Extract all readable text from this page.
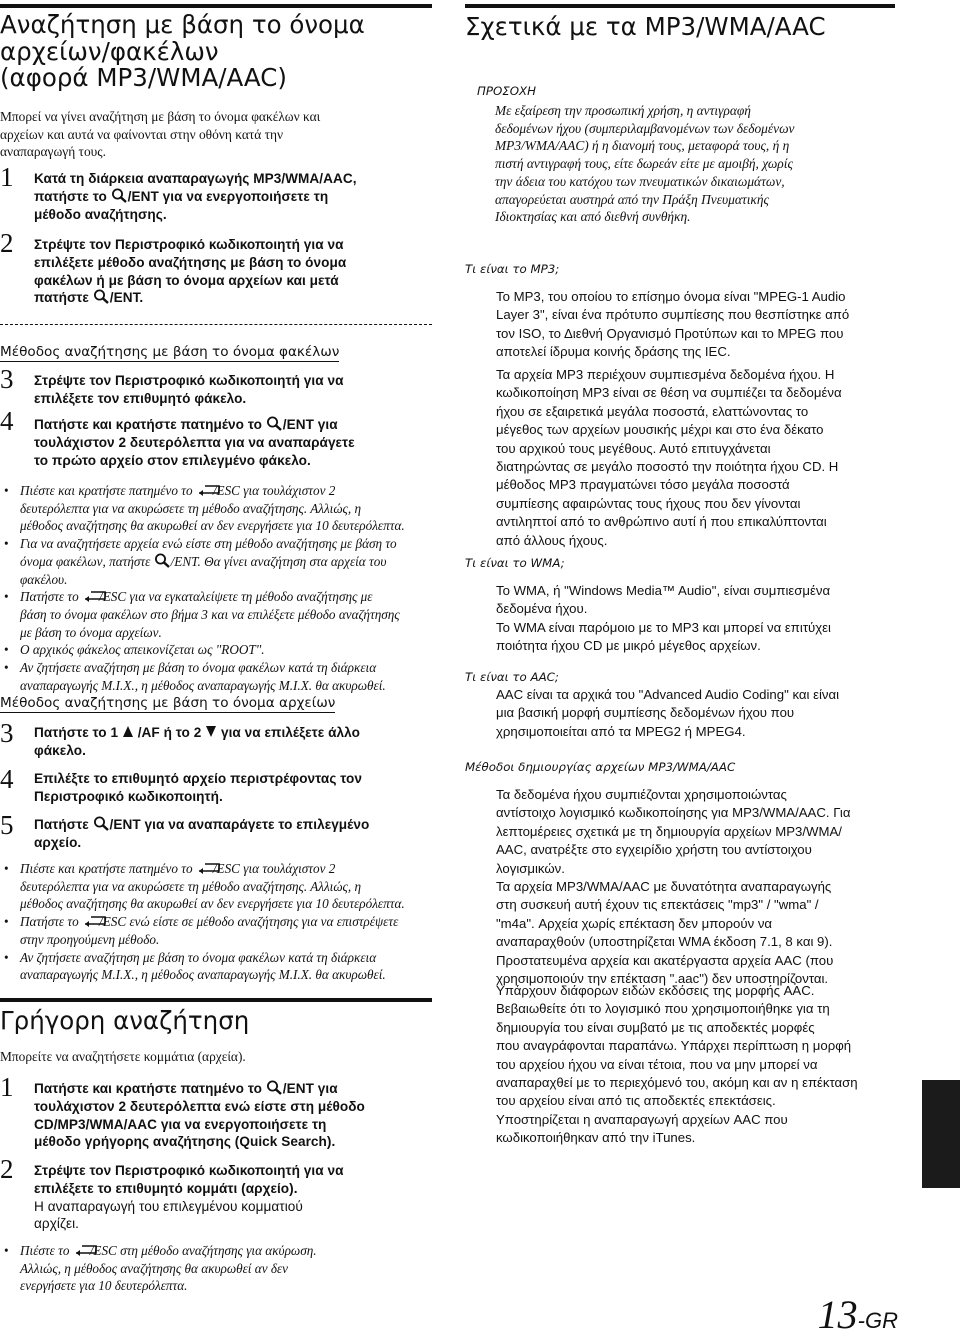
Αναζήτηση με βάση το όνομα
αρχείων/φακέλων
(αφορά MP3/WMA/AAC)
Μπορεί να γίνει αναζήτηση με βάση το όνομα φακέλων και
αρχείων και αυτά να φαίνονται στην οθόνη κατά την
αναπαραγωγή τους.
1 Κατά τη διάρκεια αναπαραγωγής MP3/WMA/AAC,
πατήστε το /ENT για να ενεργοποιήσετε τη
μέθοδο αναζήτησης.
2 Στρέψτε τον Περιστροφικό κωδικοποιητή για να
επιλέξετε μέθοδο αναζήτησης με βάση το όνομα
φακέλων ή με βάση το όνομα αρχείων και μετά
πατήστε /ENT.
Μέθοδος αναζήτησης με βάση το όνομα φακέλων
3 Στρέψτε τον Περιστροφικό κωδικοποιητή για να
επιλέξετε τον επιθυμητό φάκελο.
4 Πατήστε και κρατήστε πατημένο το /ENT για
τουλάχιστον 2 δευτερόλεπτα για να αναπαράγετε
το πρώτο αρχείο στον επιλεγμένο φάκελο.
• Πιέστε και κρατήστε πατημένο το /ESC για τουλάχιστον 2
δευτερόλεπτα για να ακυρώσετε τη μέθοδο αναζήτησης. Αλλιώς, η
μέθοδος αναζήτησης θα ακυρωθεί αν δεν ενεργήσετε για 10 δευτερόλεπτα.
• Για να αναζητήσετε αρχεία ενώ είστε στη μέθοδο αναζήτησης με βάση το
όνομα φακέλων, πατήστε /ENT. Θα γίνει αναζήτηση στα αρχεία του
φακέλου.
• Πατήστε το /ESC για να εγκαταλείψετε τη μέθοδο αναζήτησης με
βάση το όνομα φακέλων στο βήμα 3 και να επιλέξετε μέθοδο αναζήτησης
με βάση το όνομα αρχείων.
• Ο αρχικός φάκελος απεικονίζεται ως "ROOT".
• Αν ζητήσετε αναζήτηση με βάση το όνομα φακέλων κατά τη διάρκεια
αναπαραγωγής Μ.Ι.Χ., η μέθοδος αναπαραγωγής Μ.Ι.Χ. θα ακυρωθεί.
Μέθοδος αναζήτησης με βάση το όνομα αρχείων
3 Πατήστε το 1 /AF ή το 2 για να επιλέξετε άλλο
φάκελο.
4 Επιλέξτε το επιθυμητό αρχείο περιστρέφοντας τον
Περιστροφικό κωδικοποιητή.
5 Πατήστε /ENT για να αναπαράγετε το επιλεγμένο
αρχείο.
• Πιέστε και κρατήστε πατημένο το /ESC για τουλάχιστον 2
δευτερόλεπτα για να ακυρώσετε τη μέθοδο αναζήτησης. Αλλιώς, η
μέθοδος αναζήτησης θα ακυρωθεί αν δεν ενεργήσετε για 10 δευτερόλεπτα.
• Πατήστε το /ESC ενώ είστε σε μέθοδο αναζήτησης για να επιστρέψετε
στην προηγούμενη μέθοδο.
• Αν ζητήσετε αναζήτηση με βάση το όνομα φακέλων κατά τη διάρκεια
αναπαραγωγής Μ.Ι.Χ., η μέθοδος αναπαραγωγής Μ.Ι.Χ. θα ακυρωθεί.
Γρήγορη αναζήτηση
Μπορείτε να αναζητήσετε κομμάτια (αρχεία).
1 Πατήστε και κρατήστε πατημένο το /ENT για
τουλάχιστον 2 δευτερόλεπτα ενώ είστε στη μέθοδο
CD/MP3/WMA/AAC για να ενεργοποιήσετε τη
μέθοδο γρήγορης αναζήτησης (Quick Search).
2 Στρέψτε τον Περιστροφικό κωδικοποιητή για να
επιλέξετε το επιθυμητό κομμάτι (αρχείο).
Η αναπαραγωγή του επιλεγμένου κομματιού
αρχίζει.
• Πιέστε το /ESC στη μέθοδο αναζήτησης για ακύρωση.
Αλλιώς, η μέθοδος αναζήτησης θα ακυρωθεί αν δεν
ενεργήσετε για 10 δευτερόλεπτα.
Σχετικά με τα MP3/WMA/AAC
ΠΡΟΣΟΧΗ
Με εξαίρεση την προσωπική χρήση, η αντιγραφή
δεδομένων ήχου (συμπεριλαμβανομένων των δεδομένων
MP3/WMA/AAC) ή η διανομή τους, μεταφορά τους, ή η
πιστή αντιγραφή τους, είτε δωρεάν είτε με αμοιβή, χωρίς
την άδεια του κατόχου των πνευματικών δικαιωμάτων,
απαγορεύεται αυστηρά από την Πράξη Πνευματικής
Ιδιοκτησίας και από διεθνή συνθήκη.
Τι είναι το MP3;
Το MP3, του οποίου το επίσημο όνομα είναι "MPEG-1 Audio
Layer 3", είναι ένα πρότυπο συμπίεσης που θεσπίστηκε από
τον ISO, το Διεθνή Οργανισμό Προτύπων και το MPEG που
αποτελεί ίδρυμα κοινής δράσης της IEC.
Τα αρχεία MP3 περιέχουν συμπιεσμένα δεδομένα ήχου. Η
κωδικοποίηση MP3 είναι σε θέση να συμπιέζει τα δεδομένα
ήχου σε εξαιρετικά μεγάλα ποσοστά, ελαττώνοντας το
μέγεθος των αρχείων μουσικής μέχρι και στο ένα δέκατο
του αρχικού τους μεγέθους. Αυτό επιτυγχάνεται
διατηρώντας σε μεγάλο ποσοστό την ποιότητα ήχου CD. Η
μέθοδος MP3 πραγματώνει τόσο μεγάλα ποσοστά
συμπίεσης αφαιρώντας τους ήχους που δεν γίνονται
αντιληπτοί από το ανθρώπινο αυτί ή που επικαλύπτονται
από άλλους ήχους.
Τι είναι το WMA;
Το WMA, ή "Windows Media™ Audio", είναι συμπιεσμένα
δεδομένα ήχου.
Το WMA είναι παρόμοιο με το MP3 και μπορεί να επιτύχει
ποιότητα ήχου CD με μικρό μέγεθος αρχείων.
Τι είναι το AAC;
AAC είναι τα αρχικά του "Advanced Audio Coding" και είναι
μια βασική μορφή συμπίεσης δεδομένων ήχου που
χρησιμοποιείται από τα MPEG2 ή MPEG4.
Μέθοδοι δημιουργίας αρχείων MP3/WMA/AAC
Τα δεδομένα ήχου συμπιέζονται χρησιμοποιώντας
αντίστοιχο λογισμικό κωδικοποίησης για MP3/WMA/AAC. Για
λεπτομέρειες σχετικά με τη δημιουργία αρχείων MP3/WMA/
AAC, ανατρέξτε στο εγχειρίδιο χρήστη του αντίστοιχου
λογισμικών.
Τα αρχεία MP3/WMA/AAC με δυνατότητα αναπαραγωγής
στη συσκευή αυτή έχουν τις επεκτάσεις "mp3" / "wma" /
"m4a". Αρχεία χωρίς επέκταση δεν μπορούν να
αναπαραχθούν (υποστηρίζεται WMA έκδοση 7.1, 8 και 9).
Προστατευμένα αρχεία και ακατέργαστα αρχεία AAC (που
χρησιμοποιούν την επέκταση ".aac") δεν υποστηρίζονται.
Υπάρχουν διάφορων ειδών εκδόσεις της μορφής AAC.
Βεβαιωθείτε ότι το λογισμικό που χρησιμοποιήθηκε για τη
δημιουργία του είναι συμβατό με τις αποδεκτές μορφές
που αναγράφονται παραπάνω. Υπάρχει περίπτωση η μορφή
του αρχείου ήχου να είναι τέτοια, που να μην μπορεί να
αναπαραχθεί με το περιεχόμενό του, ακόμη και αν η επέκταση
του αρχείου είναι από τις αποδεκτές επεκτάσεις.
Υποστηρίζεται η αναπαραγωγή αρχείων AAC που
κωδικοποιήθηκαν από την iTunes.
13-GR
